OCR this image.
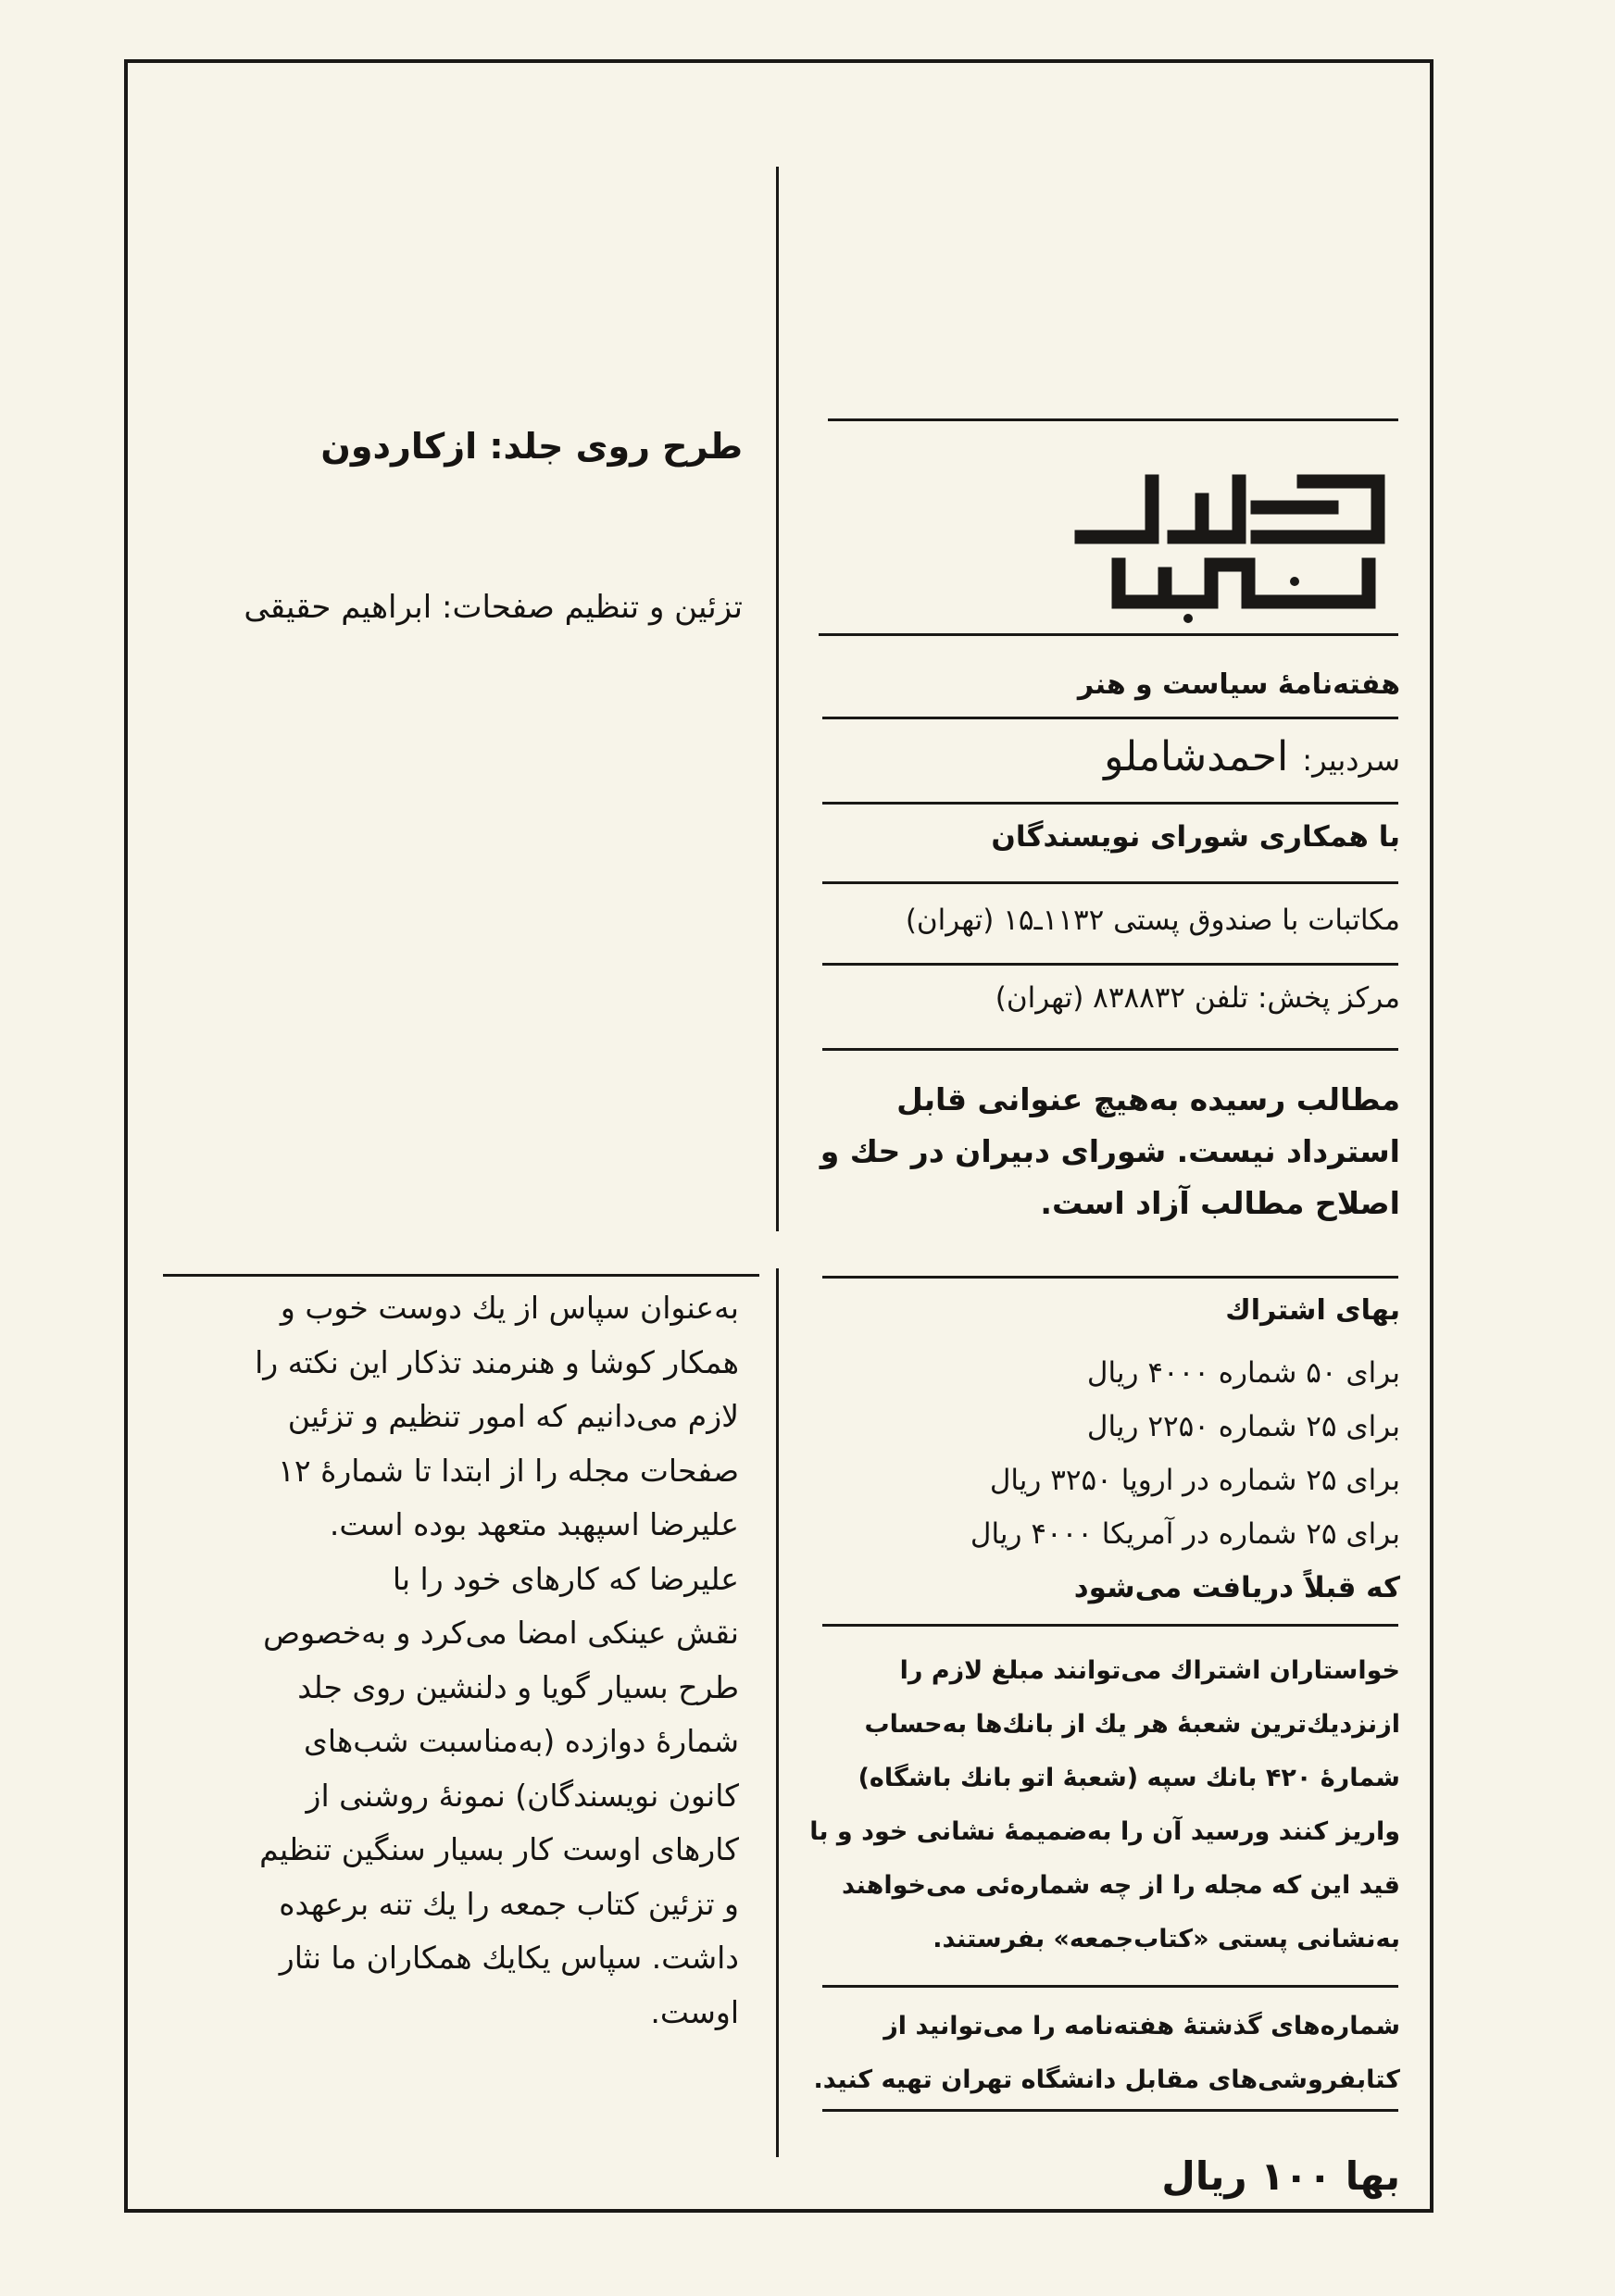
طرح روی جلد: ازکاردون
تزئین و تنظیم صفحات: ابراهیم حقیقی

به‌عنوان سپاس از یك دوست خوب و

همکار کوشا و هنرمند تذکار این نکته را

لازم می‌دانیم که امور تنظیم و تزئین

صفحات مجله را از ابتدا تا شمارهٔ ۱۲

علیرضا اسپهبد متعهد بوده است.

علیرضا که کارهای خود را با

نقش عینکی امضا می‌کرد و به‌خصوص

طرح بسیار گویا و دلنشین روی جلد

شمارهٔ دوازده (به‌مناسبت شب‌های

کانون نویسندگان) نمونهٔ روشنی از

کارهای اوست کار بسیار سنگین تنظیم

و تزئین کتاب جمعه را یك تنه برعهده

داشت. سپاس یکایك همکاران ما نثار

اوست.

هفته‌نامهٔ سیاست و هنر
سردبیر: احمدشاملو
با همکاری شورای نویسندگان
مکاتبات با صندوق پستی ۱۱۳۲ـ۱۵ (تهران)
مرکز پخش: تلفن ۸۳۸۸۳۲ (تهران)

مطالب رسیده به‌هیچ عنوانی قابل

استرداد نیست. شورای دبیران در حك و

اصلاح مطالب آزاد است.

بهای اشتراك

برای ۵۰ شماره ۴۰۰۰ ریال

برای ۲۵ شماره ۲۲۵۰ ریال

برای ۲۵ شماره در اروپا ۳۲۵۰ ریال

برای ۲۵ شماره در آمریکا ۴۰۰۰ ریال

که قبلاً دریافت می‌شود

خواستاران اشتراك می‌توانند مبلغ لازم را

ازنزدیك‌ترین شعبهٔ هر یك از بانك‌ها به‌حساب

شمارهٔ ۴۲۰ بانك سپه (شعبهٔ اتو بانك باشگاه)

واریز کنند ورسید آن را به‌ضمیمهٔ نشانی خود و با

قید این که مجله را از چه شماره‌ئی می‌خواهند

به‌نشانی پستی «کتاب‌جمعه» بفرستند.

شماره‌های گذشتهٔ هفته‌نامه را می‌توانید از

کتابفروشی‌های مقابل دانشگاه تهران تهیه کنید.

بها ۱۰۰ ریال
